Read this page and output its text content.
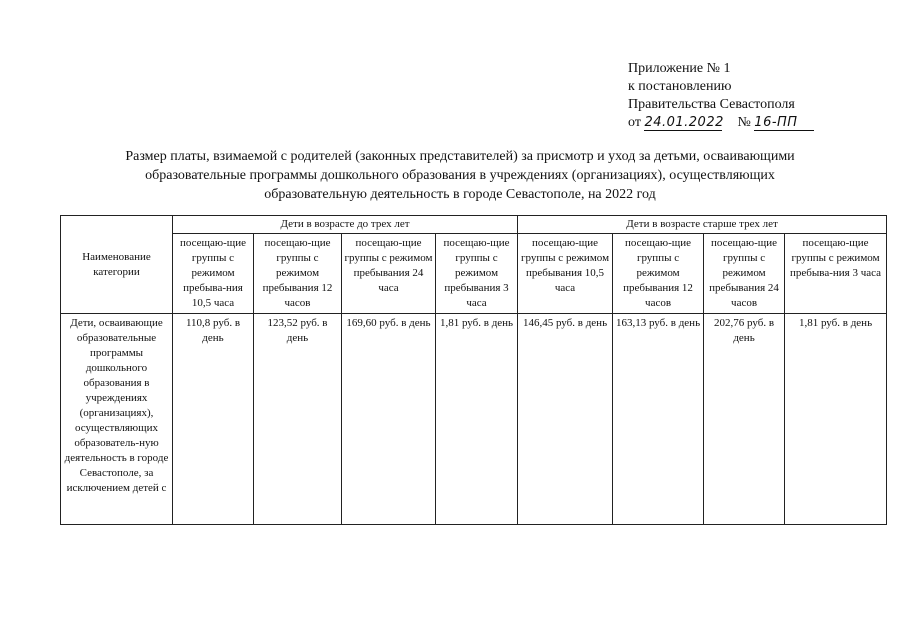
Приложение № 1
к постановлению
Правительства Севастополя
от 24.01.2022 № 16-ПП
Размер платы, взимаемой с родителей (законных представителей) за присмотр и уход за детьми, осваивающими
образовательные программы дошкольного образования в учреждениях (организациях), осуществляющих
образовательную деятельность в городе Севастополе, на 2022 год
Наименование категории	Дети в возрасте до трех лет				Дети в возрасте старше трех лет			
	посещаю-щие группы с режимом пребыва-ния 10,5 часа	посещаю-щие группы с режимом пребывания 12 часов	посещаю-щие группы с режимом пребывания 24 часа	посещаю-щие группы с режимом пребывания 3 часа	посещаю-щие группы с режимом пребывания 10,5 часа	посещаю-щие группы с режимом пребывания 12 часов	посещаю-щие группы с режимом пребывания 24 часов	посещаю-щие группы с режимом пребыва-ния 3 часа
Дети, осваивающие образовательные программы дошкольного образования в учреждениях (организациях), осуществляющих образователь-ную деятельность в городе Севастополе, за исключением детей с	110,8 руб. в день	123,52 руб. в день	169,60 руб. в день	1,81 руб. в день	146,45 руб. в день	163,13 руб. в день	202,76 руб. в день	1,81 руб. в день
